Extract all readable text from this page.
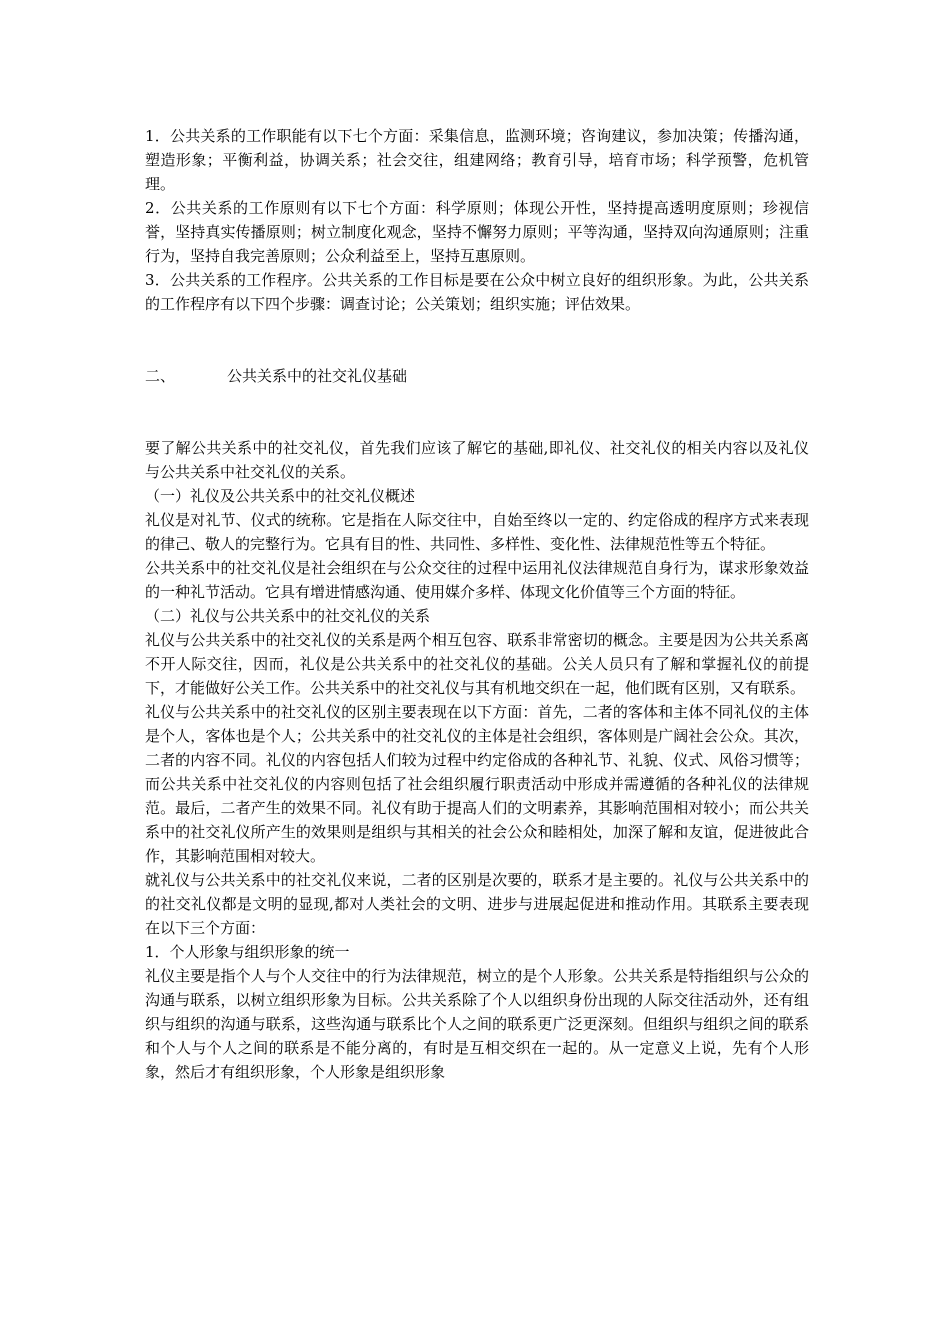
1．公共关系的工作职能有以下七个方面：采集信息，监测环境；咨询建议，参加决策；传播沟通，塑造形象；平衡利益，协调关系；社会交往，组建网络；教育引导，培育市场；科学预警，危机管理。

2．公共关系的工作原则有以下七个方面：科学原则；体现公开性，坚持提高透明度原则；珍视信誉，坚持真实传播原则；树立制度化观念，坚持不懈努力原则；平等沟通，坚持双向沟通原则；注重行为，坚持自我完善原则；公众利益至上，坚持互惠原则。

3．公共关系的工作程序。公共关系的工作目标是要在公众中树立良好的组织形象。为此，公共关系的工作程序有以下四个步骤：调查讨论；公关策划；组织实施；评估效果。

二、	公共关系中的社交礼仪基础

要了解公共关系中的社交礼仪，首先我们应该了解它的基础,即礼仪、社交礼仪的相关内容以及礼仪与公共关系中社交礼仪的关系。

（一）礼仪及公共关系中的社交礼仪概述

礼仪是对礼节、仪式的统称。它是指在人际交往中，自始至终以一定的、约定俗成的程序方式来表现的律己、敬人的完整行为。它具有目的性、共同性、多样性、变化性、法律规范性等五个特征。

公共关系中的社交礼仪是社会组织在与公众交往的过程中运用礼仪法律规范自身行为，谋求形象效益的一种礼节活动。它具有增进情感沟通、使用媒介多样、体现文化价值等三个方面的特征。

（二）礼仪与公共关系中的社交礼仪的关系

礼仪与公共关系中的社交礼仪的关系是两个相互包容、联系非常密切的概念。主要是因为公共关系离不开人际交往，因而，礼仪是公共关系中的社交礼仪的基础。公关人员只有了解和掌握礼仪的前提下，才能做好公关工作。公共关系中的社交礼仪与其有机地交织在一起，他们既有区别，又有联系。

礼仪与公共关系中的社交礼仪的区别主要表现在以下方面：首先，二者的客体和主体不同礼仪的主体是个人，客体也是个人；公共关系中的社交礼仪的主体是社会组织，客体则是广阔社会公众。其次，二者的内容不同。礼仪的内容包括人们较为过程中约定俗成的各种礼节、礼貌、仪式、风俗习惯等；而公共关系中社交礼仪的内容则包括了社会组织履行职责活动中形成并需遵循的各种礼仪的法律规范。最后，二者产生的效果不同。礼仪有助于提高人们的文明素养，其影响范围相对较小；而公共关系中的社交礼仪所产生的效果则是组织与其相关的社会公众和睦相处，加深了解和友谊，促进彼此合作，其影响范围相对较大。

就礼仪与公共关系中的社交礼仪来说，二者的区别是次要的，联系才是主要的。礼仪与公共关系中的的社交礼仪都是文明的显现,都对人类社会的文明、进步与进展起促进和推动作用。其联系主要表现在以下三个方面：

1．个人形象与组织形象的统一

礼仪主要是指个人与个人交往中的行为法律规范，树立的是个人形象。公共关系是特指组织与公众的沟通与联系，以树立组织形象为目标。公共关系除了个人以组织身份出现的人际交往活动外，还有组织与组织的沟通与联系，这些沟通与联系比个人之间的联系更广泛更深刻。但组织与组织之间的联系和个人与个人之间的联系是不能分离的，有时是互相交织在一起的。从一定意义上说，先有个人形象，然后才有组织形象，个人形象是组织形象
